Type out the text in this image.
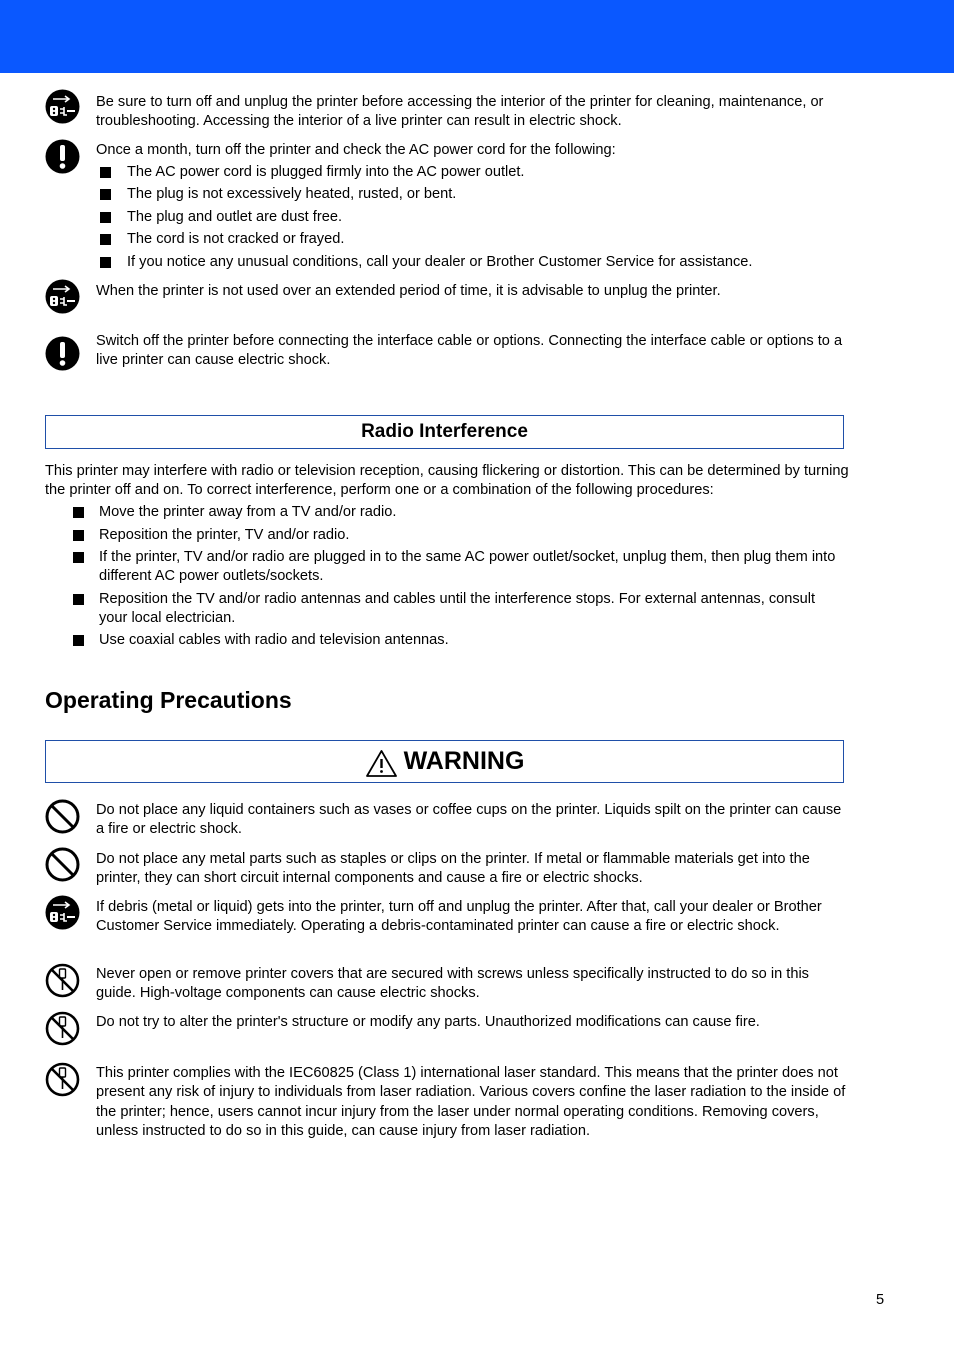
Be sure to turn off and unplug the printer before accessing the interior of the printer for cleaning, maintenance, or troubleshooting. Accessing the interior of a live printer can result in electric shock.
Once a month, turn off the printer and check the AC power cord for the following:
The AC power cord is plugged firmly into the AC power outlet.
The plug is not excessively heated, rusted, or bent.
The plug and outlet are dust free.
The cord is not cracked or frayed.
If you notice any unusual conditions, call your dealer or Brother Customer Service for assistance.
When the printer is not used over an extended period of time, it is advisable to unplug the printer.
Switch off the printer before connecting the interface cable or options. Connecting the interface cable or options to a live printer can cause electric shock.
Radio Interference
This printer may interfere with radio or television reception, causing flickering or distortion. This can be determined by turning the printer off and on. To correct interference, perform one or a combination of the following procedures:
Move the printer away from a TV and/or radio.
Reposition the printer, TV and/or radio.
If the printer, TV and/or radio are plugged in to the same AC power outlet/socket, unplug them, then plug them into different AC power outlets/sockets.
Reposition the TV and/or radio antennas and cables until the interference stops. For external antennas, consult your local electrician.
Use coaxial cables with radio and television antennas.
Operating Precautions
WARNING
Do not place any liquid containers such as vases or coffee cups on the printer. Liquids spilt on the printer can cause a fire or electric shock.
Do not place any metal parts such as staples or clips on the printer. If metal or flammable materials get into the printer, they can short circuit internal components and cause a fire or electric shocks.
If debris (metal or liquid) gets into the printer, turn off and unplug the printer. After that, call your dealer or Brother Customer Service immediately. Operating a debris-contaminated printer can cause a fire or electric shock.
Never open or remove printer covers that are secured with screws unless specifically instructed to do so in this guide. High-voltage components can cause electric shocks.
Do not try to alter the printer's structure or modify any parts. Unauthorized modifications can cause fire.
This printer complies with the IEC60825 (Class 1) international laser standard. This means that the printer does not present any risk of injury to individuals from laser radiation. Various covers confine the laser radiation to the inside of the printer; hence, users cannot incur injury from the laser under normal operating conditions. Removing covers, unless instructed to do so in this guide, can cause injury from laser radiation.
5
